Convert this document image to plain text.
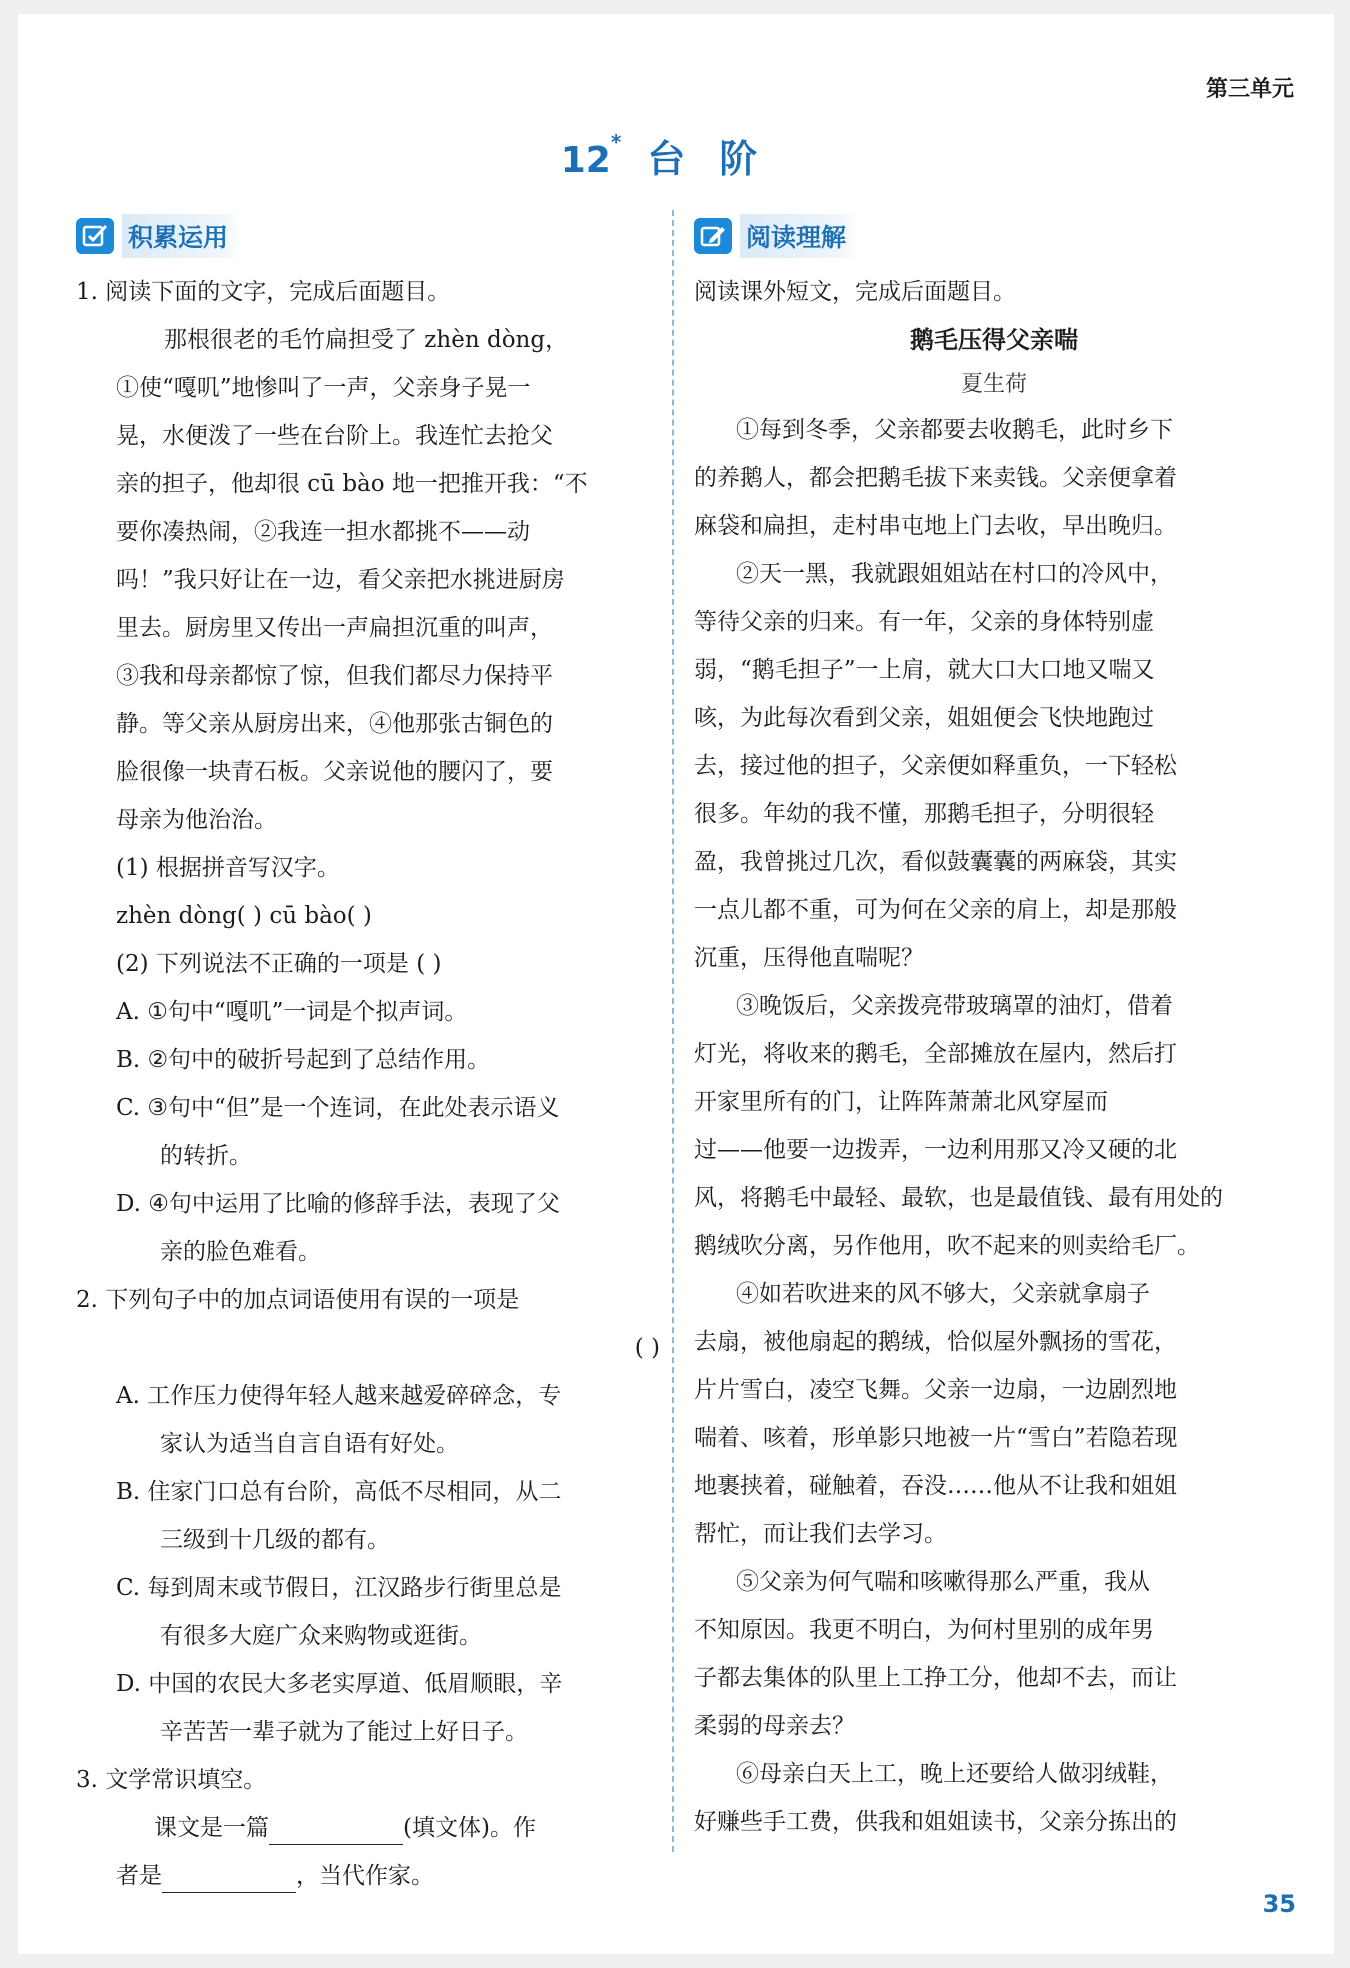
第三单元
12* 台阶
积累运用
1. 阅读下面的文字，完成后面题目。
那根很老的毛竹扁担受了 zhèn dòng，
①使“嘎叽”地惨叫了一声，父亲身子晃一
晃，水便泼了一些在台阶上。我连忙去抢父
亲的担子，他却很 cū bào 地一把推开我：“不
要你凑热闹，②我连一担水都挑不——动
吗！”我只好让在一边，看父亲把水挑进厨房
里去。厨房里又传出一声扁担沉重的叫声，
③我和母亲都惊了惊，但我们都尽力保持平
静。等父亲从厨房出来，④他那张古铜色的
脸很像一块青石板。父亲说他的腰闪了，要
母亲为他治治。
(1) 根据拼音写汉字。
zhèn dòng( ) cū bào( )
(2) 下列说法不正确的一项是 ( )
A. ①句中“嘎叽”一词是个拟声词。
B. ②句中的破折号起到了总结作用。
C. ③句中“但”是一个连词，在此处表示语义
的转折。
D. ④句中运用了比喻的修辞手法，表现了父
亲的脸色难看。
2. 下列句子中的加点词语使用有误的一项是
( )
A. 工作压力使得年轻人越来越爱碎碎念，专
家认为适当自言自语有好处。
B. 住家门口总有台阶，高低不尽相同，从二
三级到十几级的都有。
C. 每到周末或节假日，江汉路步行街里总是
有很多大庭广众来购物或逛街。
D. 中国的农民大多老实厚道、低眉顺眼，辛
辛苦苦一辈子就为了能过上好日子。
3. 文学常识填空。
课文是一篇	(填文体)。作
者是	，当代作家。
阅读理解
阅读课外短文，完成后面题目。
鹅毛压得父亲喘
夏生荷
①每到冬季，父亲都要去收鹅毛，此时乡下
的养鹅人，都会把鹅毛拔下来卖钱。父亲便拿着
麻袋和扁担，走村串屯地上门去收，早出晚归。
②天一黑，我就跟姐姐站在村口的冷风中，
等待父亲的归来。有一年，父亲的身体特别虚
弱，“鹅毛担子”一上肩，就大口大口地又喘又
咳，为此每次看到父亲，姐姐便会飞快地跑过
去，接过他的担子，父亲便如释重负，一下轻松
很多。年幼的我不懂，那鹅毛担子，分明很轻
盈，我曾挑过几次，看似鼓囊囊的两麻袋，其实
一点儿都不重，可为何在父亲的肩上，却是那般
沉重，压得他直喘呢？
③晚饭后，父亲拨亮带玻璃罩的油灯，借着
灯光，将收来的鹅毛，全部摊放在屋内，然后打
开家里所有的门，让阵阵萧萧北风穿屋而
过——他要一边拨弄，一边利用那又冷又硬的北
风，将鹅毛中最轻、最软，也是最值钱、最有用处的
鹅绒吹分离，另作他用，吹不起来的则卖给毛厂。
④如若吹进来的风不够大，父亲就拿扇子
去扇，被他扇起的鹅绒，恰似屋外飘扬的雪花，
片片雪白，凌空飞舞。父亲一边扇，一边剧烈地
喘着、咳着，形单影只地被一片“雪白”若隐若现
地裹挟着，碰触着，吞没……他从不让我和姐姐
帮忙，而让我们去学习。
⑤父亲为何气喘和咳嗽得那么严重，我从
不知原因。我更不明白，为何村里别的成年男
子都去集体的队里上工挣工分，他却不去，而让
柔弱的母亲去？
⑥母亲白天上工，晚上还要给人做羽绒鞋，
好赚些手工费，供我和姐姐读书，父亲分拣出的
35
